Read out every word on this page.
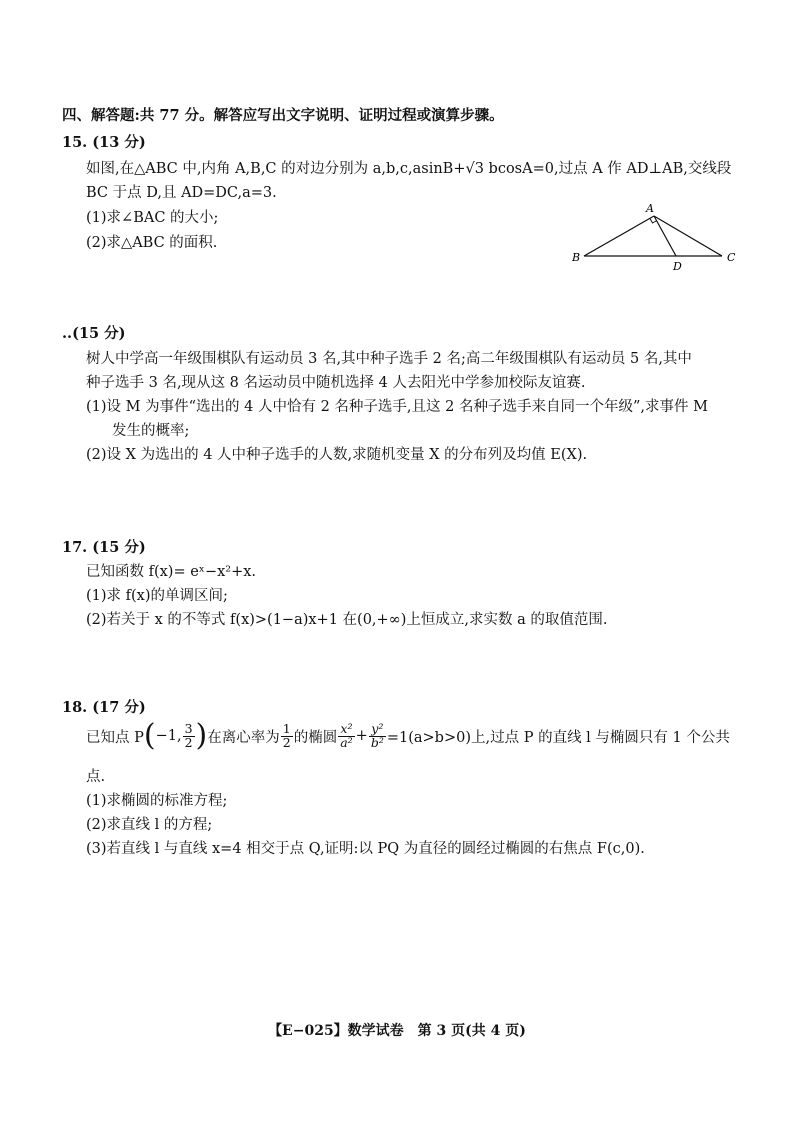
四、解答题:共 77 分。解答应写出文字说明、证明过程或演算步骤。
15. (13 分)
如图,在△ABC 中,内角 A,B,C 的对边分别为 a,b,c,asinB+√3 bcosA=0,过点 A 作 AD⊥AB,交线段
BC 于点 D,且 AD=DC,a=3.
(1)求∠BAC 的大小;
(2)求△ABC 的面积.
A
B	C
D
..(15 分)
树人中学高一年级围棋队有运动员 3 名,其中种子选手 2 名;高二年级围棋队有运动员 5 名,其中
种子选手 3 名,现从这 8 名运动员中随机选择 4 人去阳光中学参加校际友谊赛.
(1)设 M 为事件“选出的 4 人中恰有 2 名种子选手,且这 2 名种子选手来自同一个年级”,求事件 M
发生的概率;
(2)设 X 为选出的 4 人中种子选手的人数,求随机变量 X 的分布列及均值 E(X).
17. (15 分)
已知函数 f(x)= eˣ−x²+x.
(1)求 f(x)的单调区间;
(2)若关于 x 的不等式 f(x)>(1−a)x+1 在(0,+∞)上恒成立,求实数 a 的取值范围.
18. (17 分)
已知点 P ( −1, $\frac{3}{2}$ ) 在离心率为 $\frac{1}{2}$ 的椭圆 $\frac{\text{x²}}{\text{a²}} + \frac{\text{y²}}{\text{b²}} =1(a>b>0)$上,过点 P 的直线 l 与椭圆只有 1 个公共
点.
(1)求椭圆的标准方程;
(2)求直线 l 的方程;
(3)若直线 l 与直线 x=4 相交于点 Q,证明:以 PQ 为直径的圆经过椭圆的右焦点 F(c,0).
【E−025】数学试卷　第 3 页(共 4 页)
